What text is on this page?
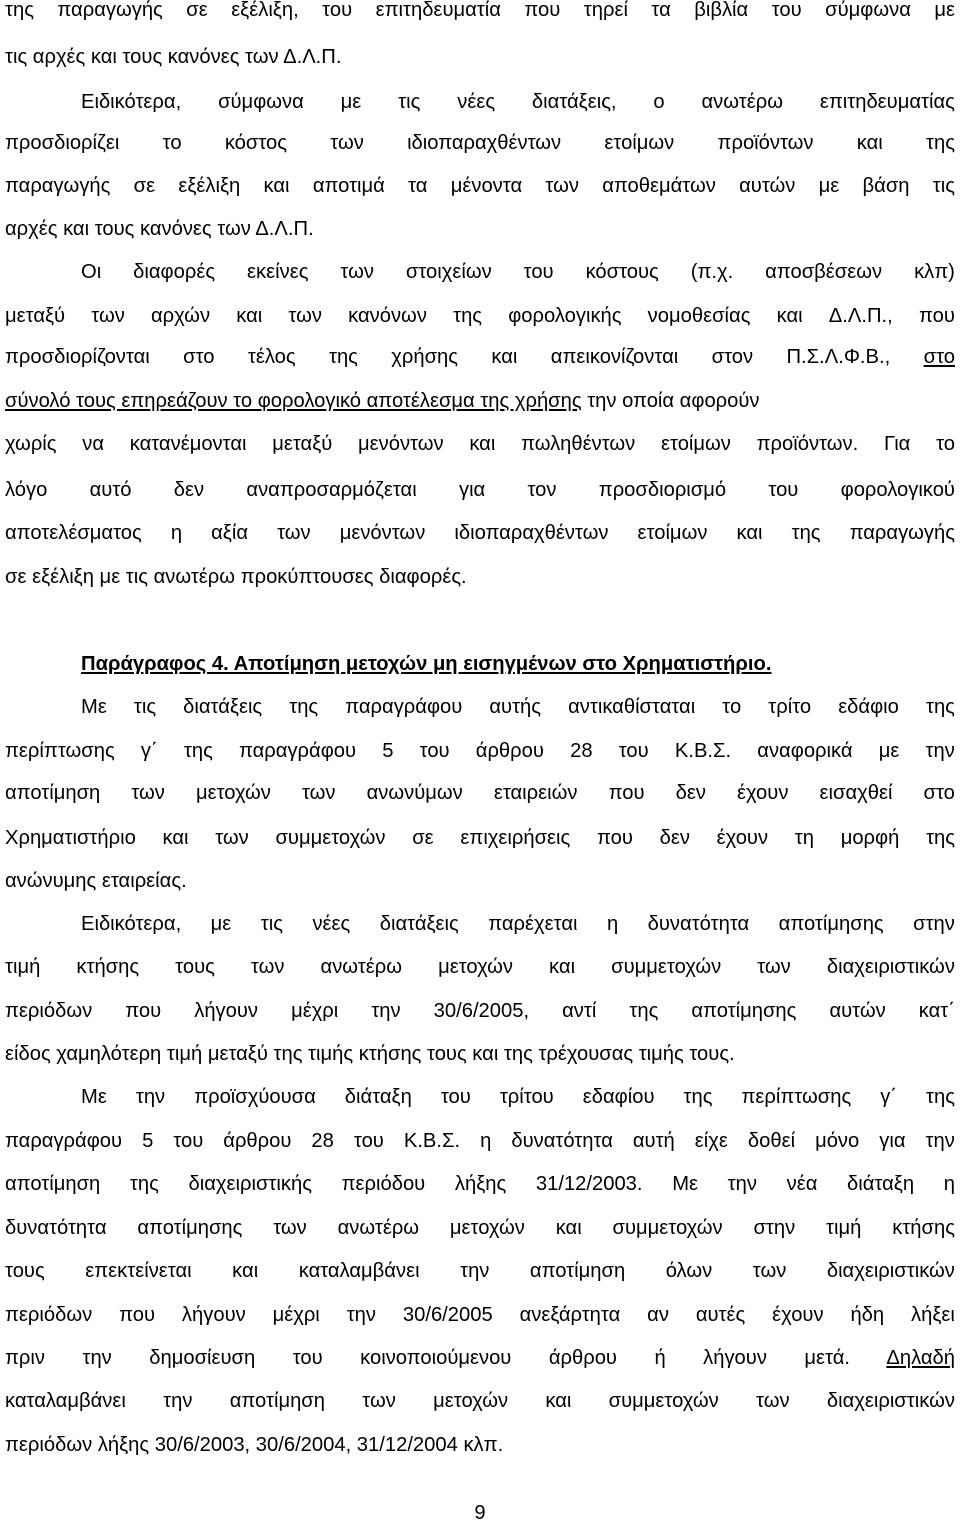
της παραγωγής σε εξέλιξη, του επιτηδευματία που τηρεί τα βιβλία του σύμφωνα με
τις αρχές και τους κανόνες των Δ.Λ.Π.
Ειδικότερα, σύμφωνα με τις νέες διατάξεις, ο ανωτέρω επιτηδευματίας
προσδιορίζει το κόστος των ιδιοπαραχθέντων ετοίμων προϊόντων και της
παραγωγής σε εξέλιξη και αποτιμά τα μένοντα των αποθεμάτων αυτών με βάση τις
αρχές και τους κανόνες των Δ.Λ.Π.
Οι διαφορές εκείνες των στοιχείων του κόστους (π.χ. αποσβέσεων κλπ)
μεταξύ των αρχών και των κανόνων της φορολογικής νομοθεσίας και Δ.Λ.Π., που
προσδιορίζονται στο τέλος της χρήσης και απεικονίζονται στον Π.Σ.Λ.Φ.Β., στο
σύνολό τους επηρεάζουν το φορολογικό αποτέλεσμα της χρήσης την οποία αφορούν
χωρίς να κατανέμονται μεταξύ μενόντων και πωληθέντων ετοίμων προϊόντων. Για το
λόγο αυτό δεν αναπροσαρμόζεται για τον προσδιορισμό του φορολογικού
αποτελέσματος η αξία των μενόντων ιδιοπαραχθέντων ετοίμων και της παραγωγής
σε εξέλιξη με τις ανωτέρω προκύπτουσες διαφορές.
Παράγραφος 4. Αποτίμηση μετοχών μη εισηγμένων στο Χρηματιστήριο.
Με τις διατάξεις της παραγράφου αυτής αντικαθίσταται το τρίτο εδάφιο της
περίπτωσης γ΄ της παραγράφου 5 του άρθρου 28 του Κ.Β.Σ. αναφορικά με την
αποτίμηση των μετοχών των ανωνύμων εταιρειών που δεν έχουν εισαχθεί στο
Χρηματιστήριο και των συμμετοχών σε επιχειρήσεις που δεν έχουν τη μορφή της
ανώνυμης εταιρείας.
Ειδικότερα, με τις νέες διατάξεις παρέχεται η δυνατότητα αποτίμησης στην
τιμή κτήσης τους των ανωτέρω μετοχών και συμμετοχών των διαχειριστικών
περιόδων που λήγουν μέχρι την 30/6/2005, αντί της αποτίμησης αυτών κατ΄
είδος χαμηλότερη τιμή μεταξύ της τιμής κτήσης τους και της τρέχουσας τιμής τους.
Με την προϊσχύουσα διάταξη του τρίτου εδαφίου της περίπτωσης γ΄ της
παραγράφου 5 του άρθρου 28 του Κ.Β.Σ. η δυνατότητα αυτή είχε δοθεί μόνο για την
αποτίμηση της διαχειριστικής περιόδου λήξης 31/12/2003. Με την νέα διάταξη η
δυνατότητα αποτίμησης των ανωτέρω μετοχών και συμμετοχών στην τιμή κτήσης
τους επεκτείνεται και καταλαμβάνει την αποτίμηση όλων των διαχειριστικών
περιόδων που λήγουν μέχρι την 30/6/2005 ανεξάρτητα αν αυτές έχουν ήδη λήξει
πριν την δημοσίευση του κοινοποιούμενου άρθρου ή λήγουν μετά. Δηλαδή
καταλαμβάνει την αποτίμηση των μετοχών και συμμετοχών των διαχειριστικών
περιόδων λήξης 30/6/2003, 30/6/2004, 31/12/2004 κλπ.
9
